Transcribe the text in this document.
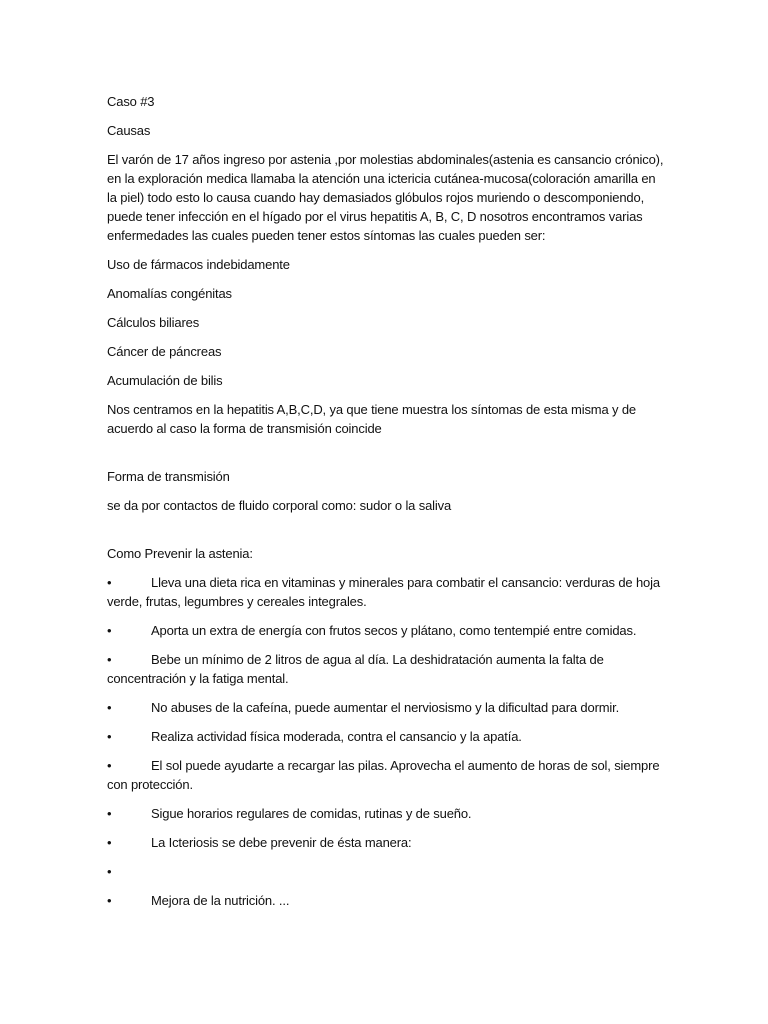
Caso #3

Causas

El varón de 17 años ingreso por astenia ,por molestias abdominales(astenia es cansancio crónico), en la exploración medica llamaba la atención una ictericia cutánea-mucosa(coloración amarilla en la piel) todo esto lo causa cuando hay demasiados glóbulos rojos muriendo o descomponiendo, puede tener infección en el hígado por el virus hepatitis A, B, C, D nosotros encontramos varias enfermedades las cuales pueden tener estos síntomas las cuales pueden ser:

Uso de fármacos indebidamente

Anomalías congénitas

Cálculos biliares

Cáncer de páncreas

Acumulación de bilis

Nos centramos en la hepatitis A,B,C,D, ya que tiene muestra los síntomas de esta misma y de acuerdo al caso la forma de transmisión coincide

Forma de transmisión

se da por contactos de fluido corporal como: sudor o la saliva

Como Prevenir la astenia:

•	Lleva una dieta rica en vitaminas y minerales para combatir el cansancio: verduras de hoja verde, frutas, legumbres y cereales integrales.

•	Aporta un extra de energía con frutos secos y plátano, como tentempié entre comidas.

•	Bebe un mínimo de 2 litros de agua al día. La deshidratación aumenta la falta de concentración y la fatiga mental.

•	No abuses de la cafeína, puede aumentar el nerviosismo y la dificultad para dormir.

•	Realiza actividad física moderada, contra el cansancio y la apatía.

•	El sol puede ayudarte a recargar las pilas. Aprovecha el aumento de horas de sol, siempre con protección.

•	Sigue horarios regulares de comidas, rutinas y de sueño.

•	La Icteriosis se debe prevenir de ésta manera:

•

•	Mejora de la nutrición. ...
